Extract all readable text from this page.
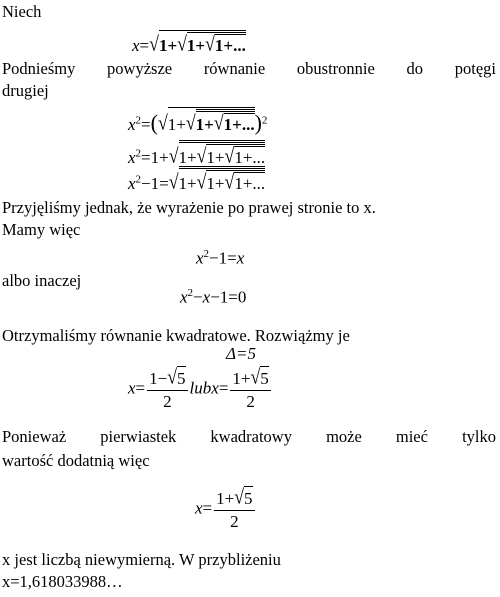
Niech
x=√1+√1+√1+...
Podnieśmy powyższe równanie obustronnie do potęgi
drugiej
$x^2=(√1+√1+√1+...)^2$
$x^2=1+√1+√1+√1+$...
$x^2-1=√1+√1+√1+$...
Przyjęliśmy jednak, że wyrażenie po prawej stronie to x.
Mamy więc
$x^2-1=x$
albo inaczej
$x^2-x-1=0$
Otrzymaliśmy równanie kwadratowe. Rozwiążmy je
Δ=5
$x= \frac{1-√5}{2}$ lubx= $\frac{1+√5}{2}$
Ponieważ pierwiastek kwadratowy może mieć tylko
wartość dodatnią więc
$x= \frac{1+√5}{2}$
x jest liczbą niewymierną. W przybliżeniu
x=1,618033988…
